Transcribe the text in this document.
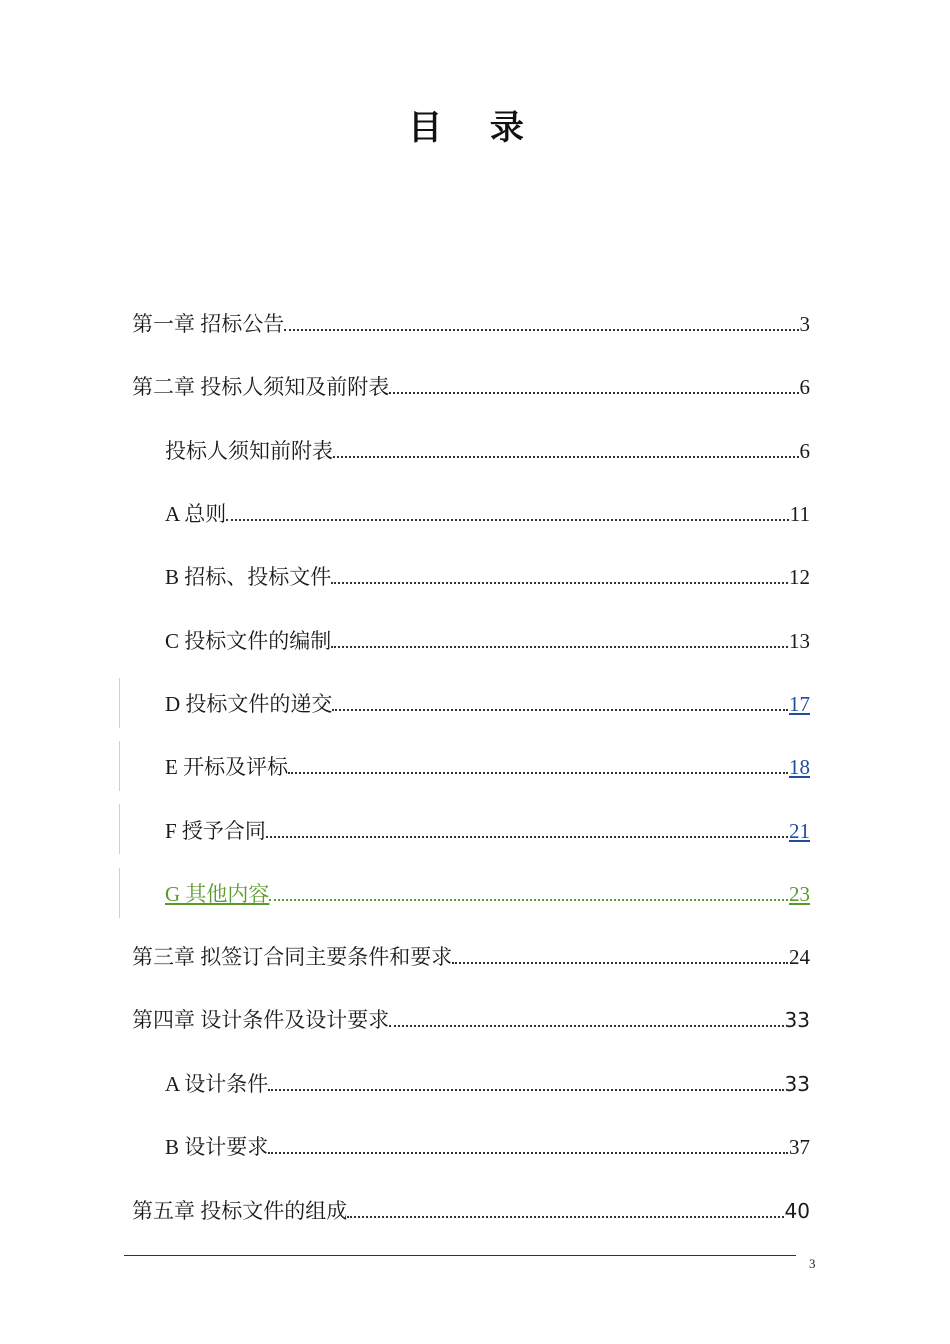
目 录
第一章 招标公告	3
第二章 投标人须知及前附表	6
投标人须知前附表	6
A 总则	11
B 招标、投标文件	12
C 投标文件的编制	13
D 投标文件的递交	17
E 开标及评标	18
F 授予合同	21
G 其他内容	23
第三章 拟签订合同主要条件和要求	24
第四章 设计条件及设计要求	33
A 设计条件	33
B 设计要求	37
第五章 投标文件的组成	40
3
